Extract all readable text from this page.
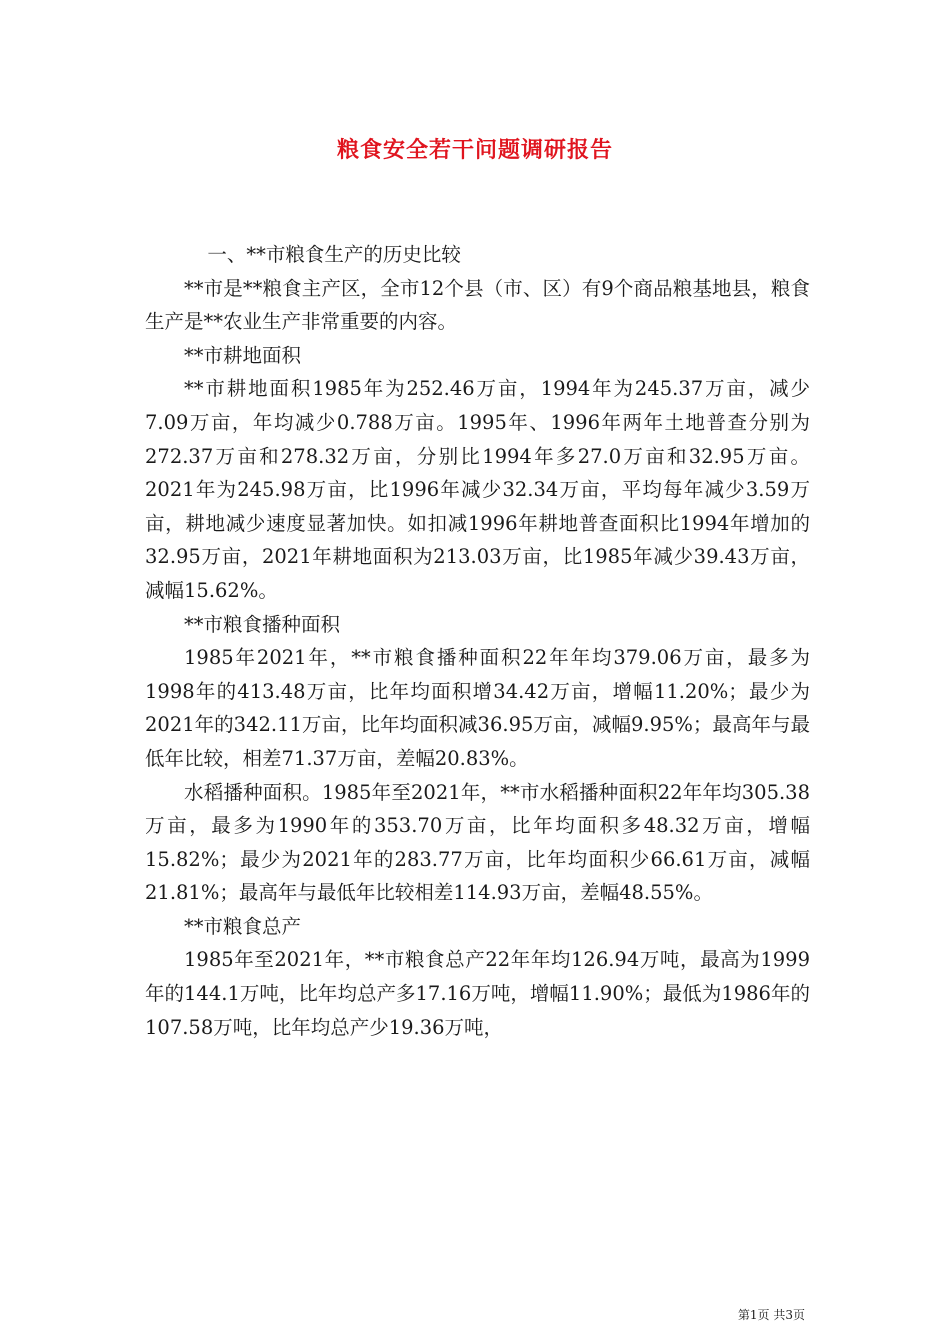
粮食安全若干问题调研报告

一、**市粮食生产的历史比较

**市是**粮食主产区，全市12个县（市、区）有9个商品粮基地县，粮食生产是**农业生产非常重要的内容。

**市耕地面积

**市耕地面积1985年为252.46万亩，1994年为245.37万亩，减少7.09万亩，年均减少0.788万亩。1995年、1996年两年土地普查分别为272.37万亩和278.32万亩，分别比1994年多27.0万亩和32.95万亩。2021年为245.98万亩，比1996年减少32.34万亩，平均每年减少3.59万亩，耕地减少速度显著加快。如扣减1996年耕地普查面积比1994年增加的32.95万亩，2021年耕地面积为213.03万亩，比1985年减少39.43万亩，减幅15.62%。

**市粮食播种面积

1985年2021年，**市粮食播种面积22年年均379.06万亩，最多为1998年的413.48万亩，比年均面积增34.42万亩，增幅11.20%；最少为2021年的342.11万亩，比年均面积减36.95万亩，减幅9.95%；最高年与最低年比较，相差71.37万亩，差幅20.83%。

水稻播种面积。1985年至2021年，**市水稻播种面积22年年均305.38万亩，最多为1990年的353.70万亩，比年均面积多48.32万亩，增幅15.82%；最少为2021年的283.77万亩，比年均面积少66.61万亩，减幅21.81%；最高年与最低年比较相差114.93万亩，差幅48.55%。

**市粮食总产

1985年至2021年，**市粮食总产22年年均126.94万吨，最高为1999年的144.1万吨，比年均总产多17.16万吨，增幅11.90%；最低为1986年的107.58万吨，比年均总产少19.36万吨，

第1页 共3页
